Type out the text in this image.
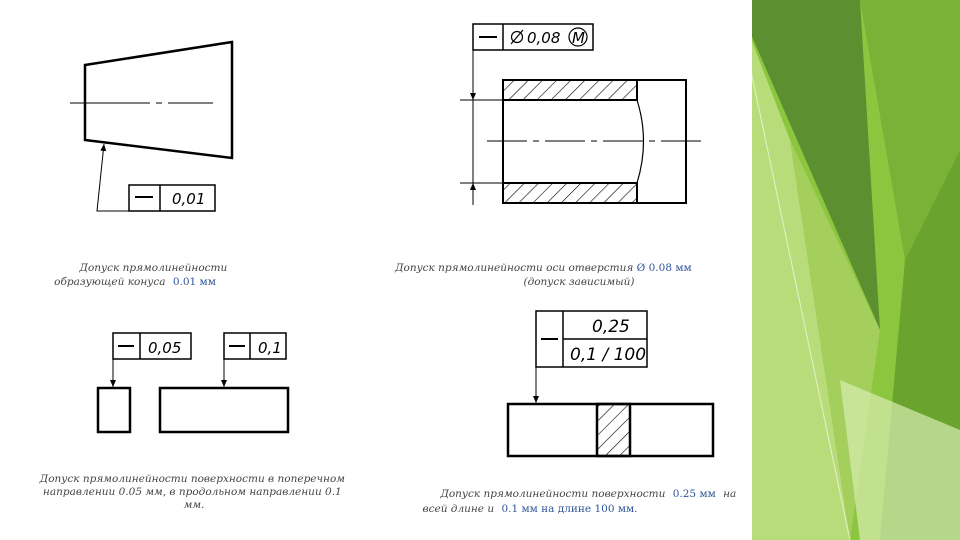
0,01
Допуск прямолинейности образующей конуса 0.01 мм
0,08 M
Допуск прямолинейности оси отверстия Ø 0.08 мм (допуск зависимый)
0,05	0,1
Допуск прямолинейности поверхности в поперечном направлении 0.05 мм, в продольном направлении 0.1 мм.
0,25
0,1 / 100
Допуск прямолинейности поверхности 0.25 мм на всей длине и 0.1 мм на длине 100 мм.
